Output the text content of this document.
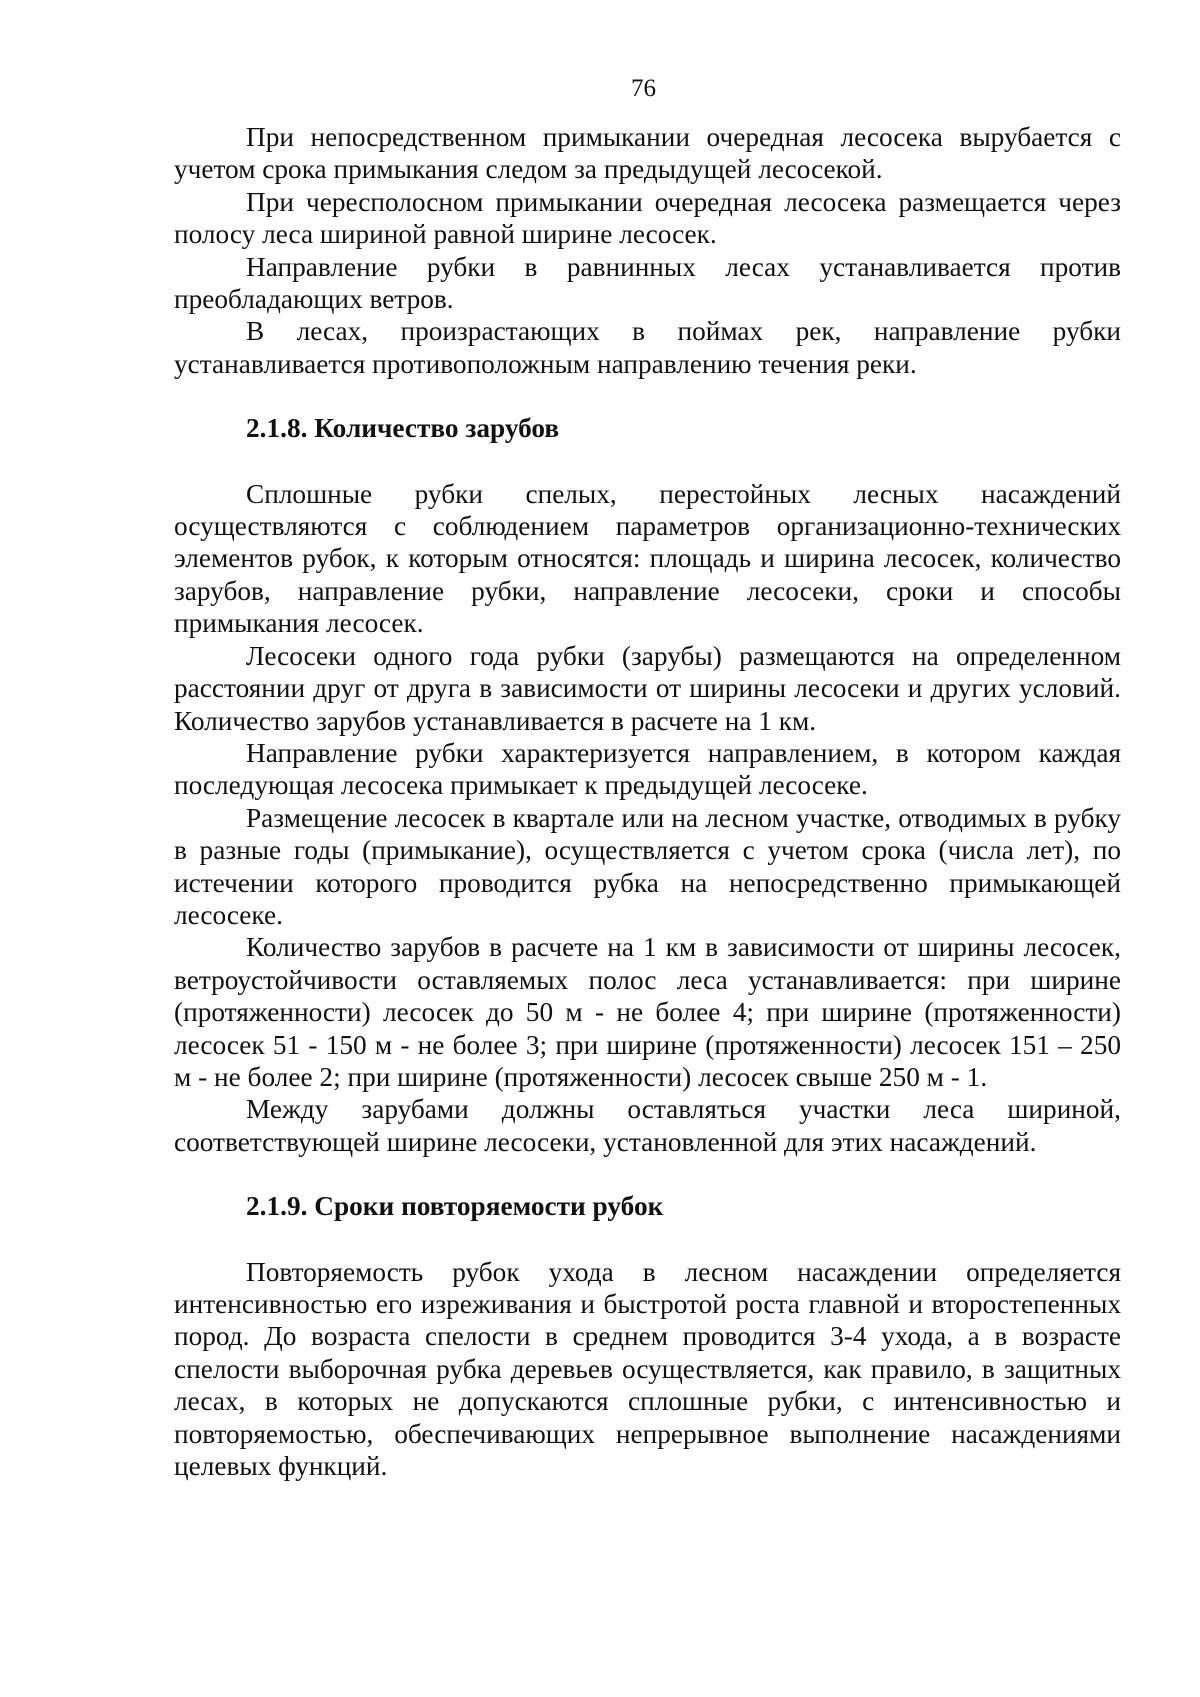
76

При непосредственном примыкании очередная лесосека вырубается с учетом срока примыкания следом за предыдущей лесосекой.

При чересполосном примыкании очередная лесосека размещается через полосу леса шириной равной ширине лесосек.

Направление рубки в равнинных лесах устанавливается против преобладающих ветров.

В лесах, произрастающих в поймах рек, направление рубки устанавливается противоположным направлению течения реки.

2.1.8. Количество зарубов

Сплошные рубки спелых, перестойных лесных насаждений осуществляются с соблюдением параметров организационно-технических элементов рубок, к которым относятся: площадь и ширина лесосек, количество зарубов, направление рубки, направление лесосеки, сроки и способы примыкания лесосек.

Лесосеки одного года рубки (зарубы) размещаются на определенном расстоянии друг от друга в зависимости от ширины лесосеки и других условий. Количество зарубов устанавливается в расчете на 1 км.

Направление рубки характеризуется направлением, в котором каждая последующая лесосека примыкает к предыдущей лесосеке.

Размещение лесосек в квартале или на лесном участке, отводимых в рубку в разные годы (примыкание), осуществляется с учетом срока (числа лет), по истечении которого проводится рубка на непосредственно примыкающей лесосеке.

Количество зарубов в расчете на 1 км в зависимости от ширины лесосек, ветроустойчивости оставляемых полос леса устанавливается: при ширине (протяженности) лесосек до 50 м - не более 4; при ширине (протяженности) лесосек 51 - 150 м - не более 3; при ширине (протяженности) лесосек 151 – 250 м - не более 2; при ширине (протяженности) лесосек свыше 250 м - 1.

Между зарубами должны оставляться участки леса шириной, соответствующей ширине лесосеки, установленной для этих насаждений.

2.1.9. Сроки повторяемости рубок

Повторяемость рубок ухода в лесном насаждении определяется интенсивностью его изреживания и быстротой роста главной и второстепенных пород. До возраста спелости в среднем проводится 3-4 ухода, а в возрасте спелости выборочная рубка деревьев осуществляется, как правило, в защитных лесах, в которых не допускаются сплошные рубки, с интенсивностью и повторяемостью, обеспечивающих непрерывное выполнение насаждениями целевых функций.
